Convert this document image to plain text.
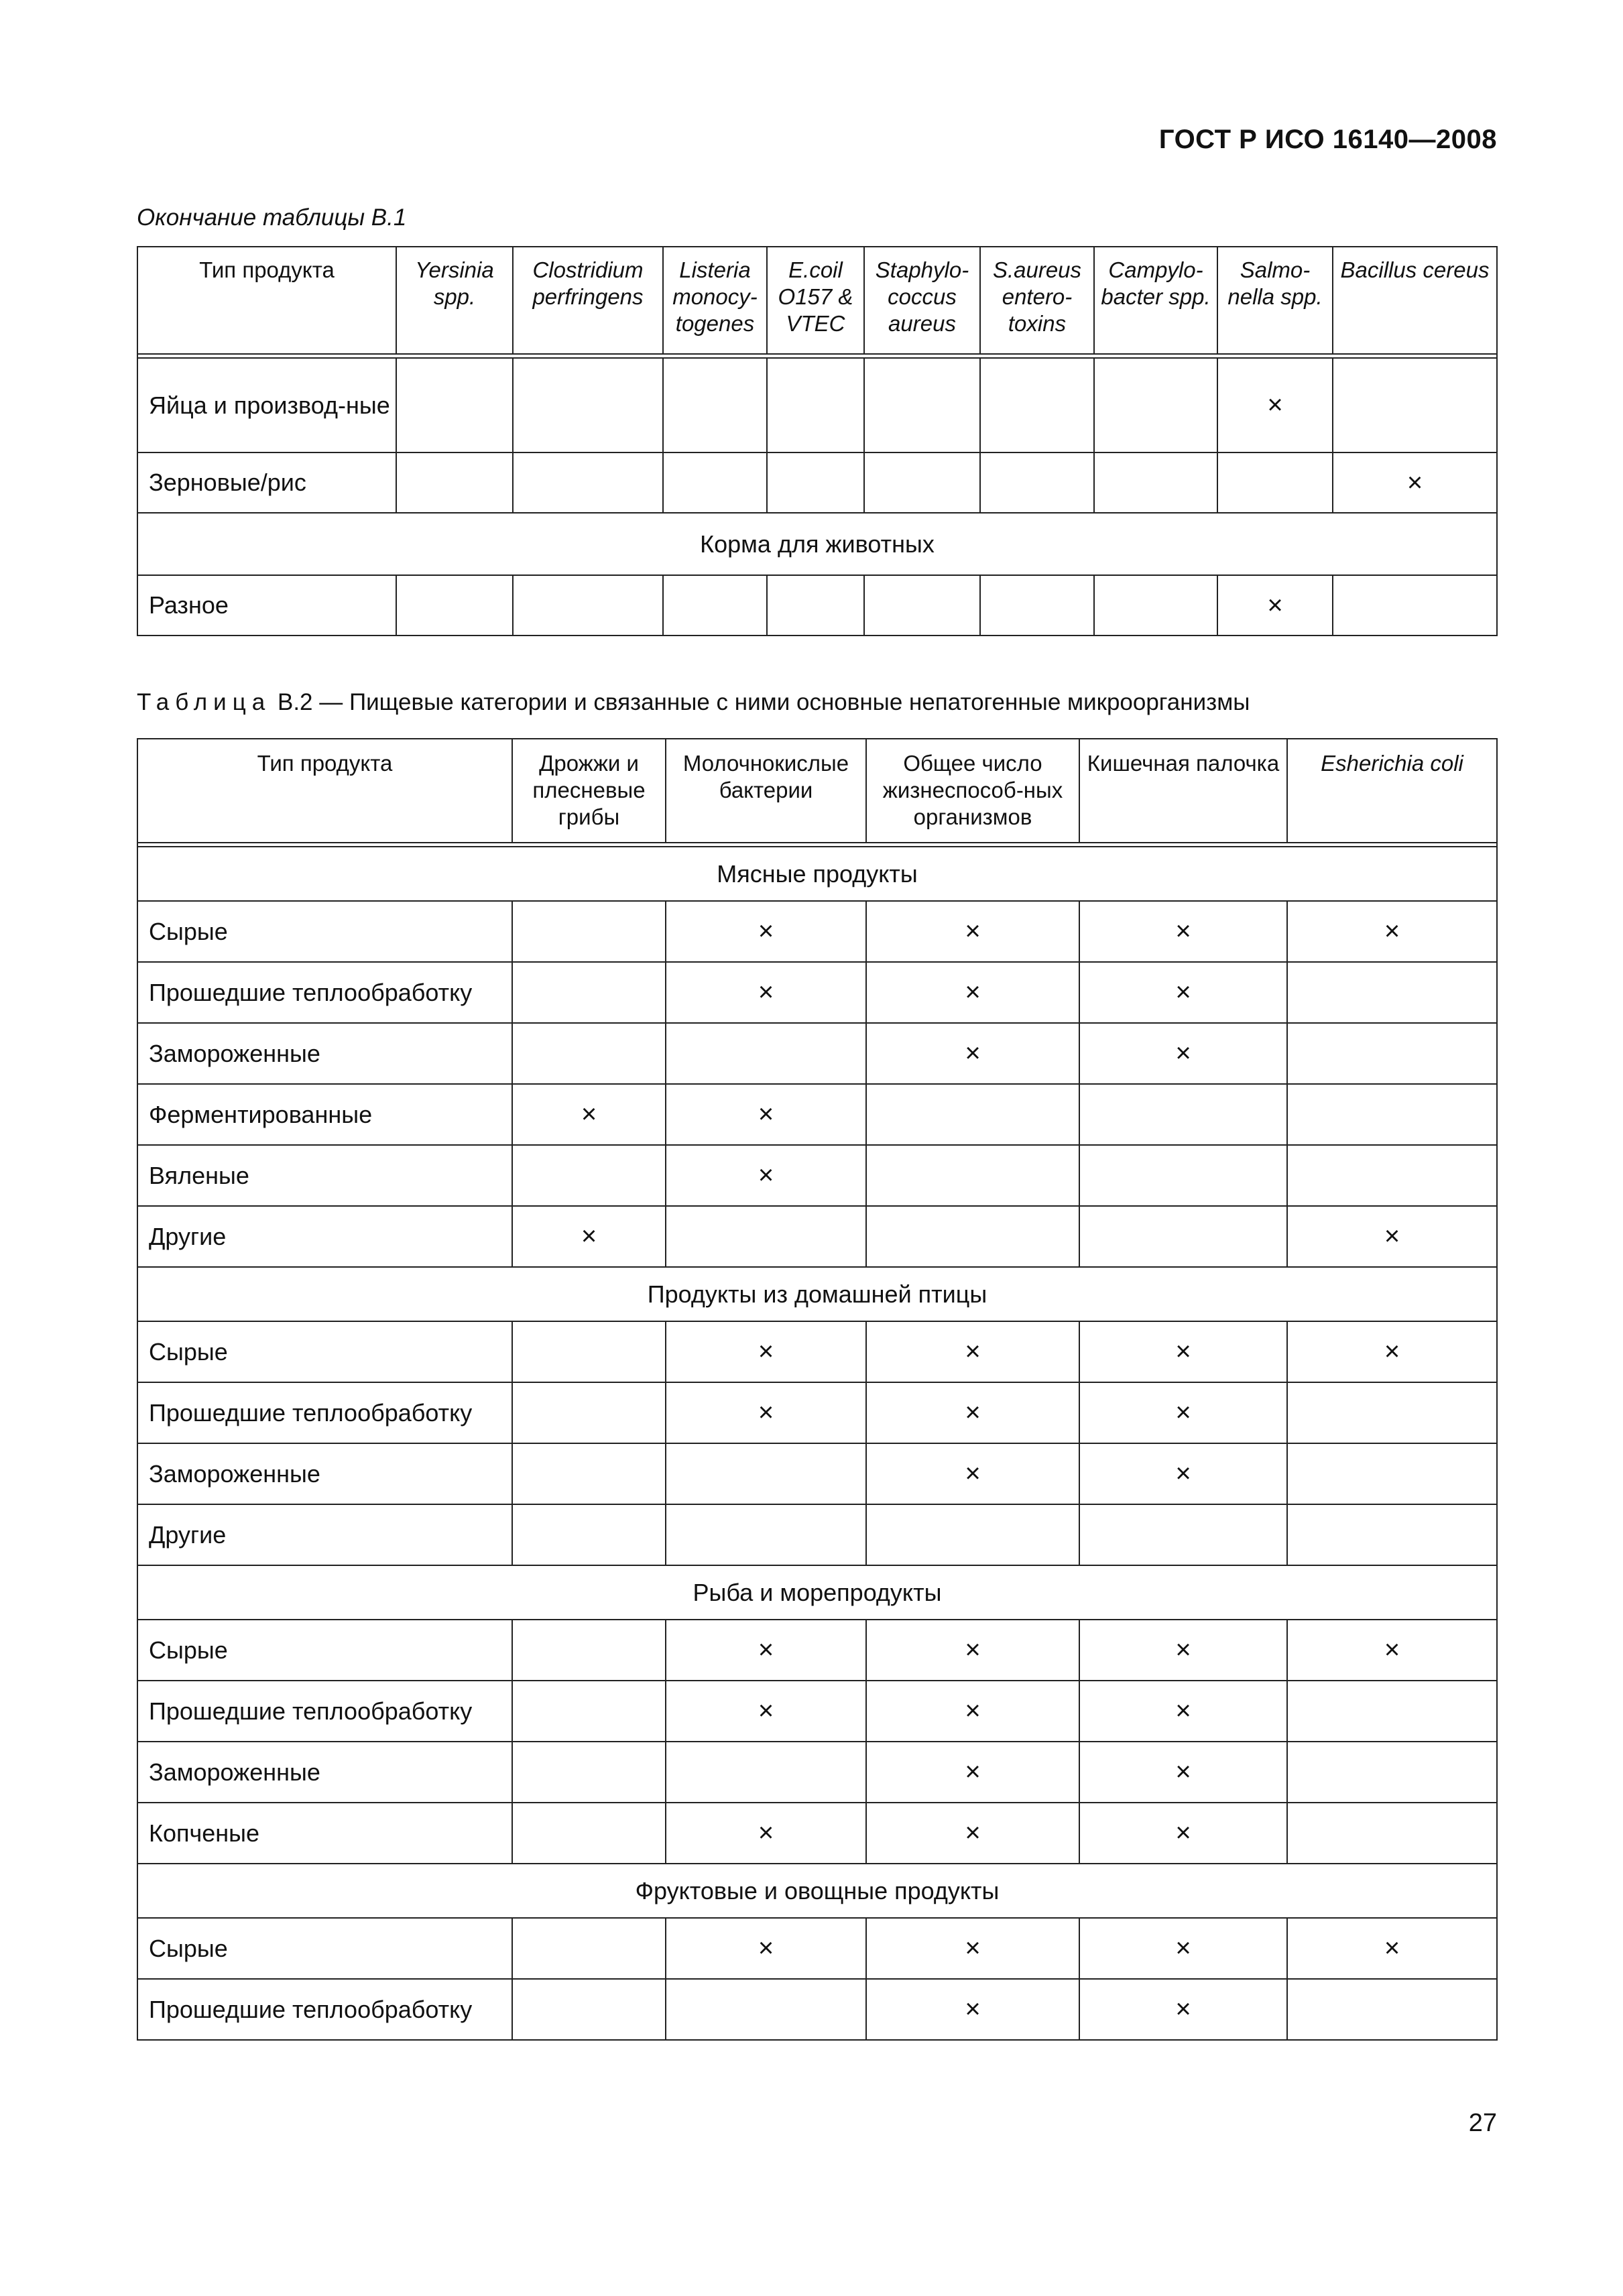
ГОСТ Р ИСО 16140—2008
Окончание таблицы В.1
Тип продукта	Yersinia spp.	Clostridium perfringens	Listeria monocy-togenes	E.coil O157 & VTEC	Staphylo-coccus aureus	S.aureus entero-toxins	Campylo-bacter spp.	Salmo-nella spp.	Bacillus cereus

Яйца и производ-ные								×	
Зерновые/рис									×
Корма для животных									
Разное								×	
Таблица В.2 — Пищевые категории и связанные с ними основные непатогенные микроорганизмы
Тип продукта	Дрожжи и плесневые грибы	Молочнокислые бактерии	Общее число жизнеспособ-ных организмов	Кишечная палочка	Esherichia coli

Мясные продукты					
Сырые		×	×	×	×
Прошедшие теплообработку		×	×	×	
Замороженные			×	×	
Ферментированные	×	×			
Вяленые		×			
Другие	×				×
Продукты из домашней птицы					
Сырые		×	×	×	×
Прошедшие теплообработку		×	×	×	
Замороженные			×	×	
Другие					
Рыба и морепродукты					
Сырые		×	×	×	×
Прошедшие теплообработку		×	×	×	
Замороженные			×	×	
Копченые		×	×	×	
Фруктовые и овощные продукты					
Сырые		×	×	×	×
Прошедшие теплообработку			×	×	
27
